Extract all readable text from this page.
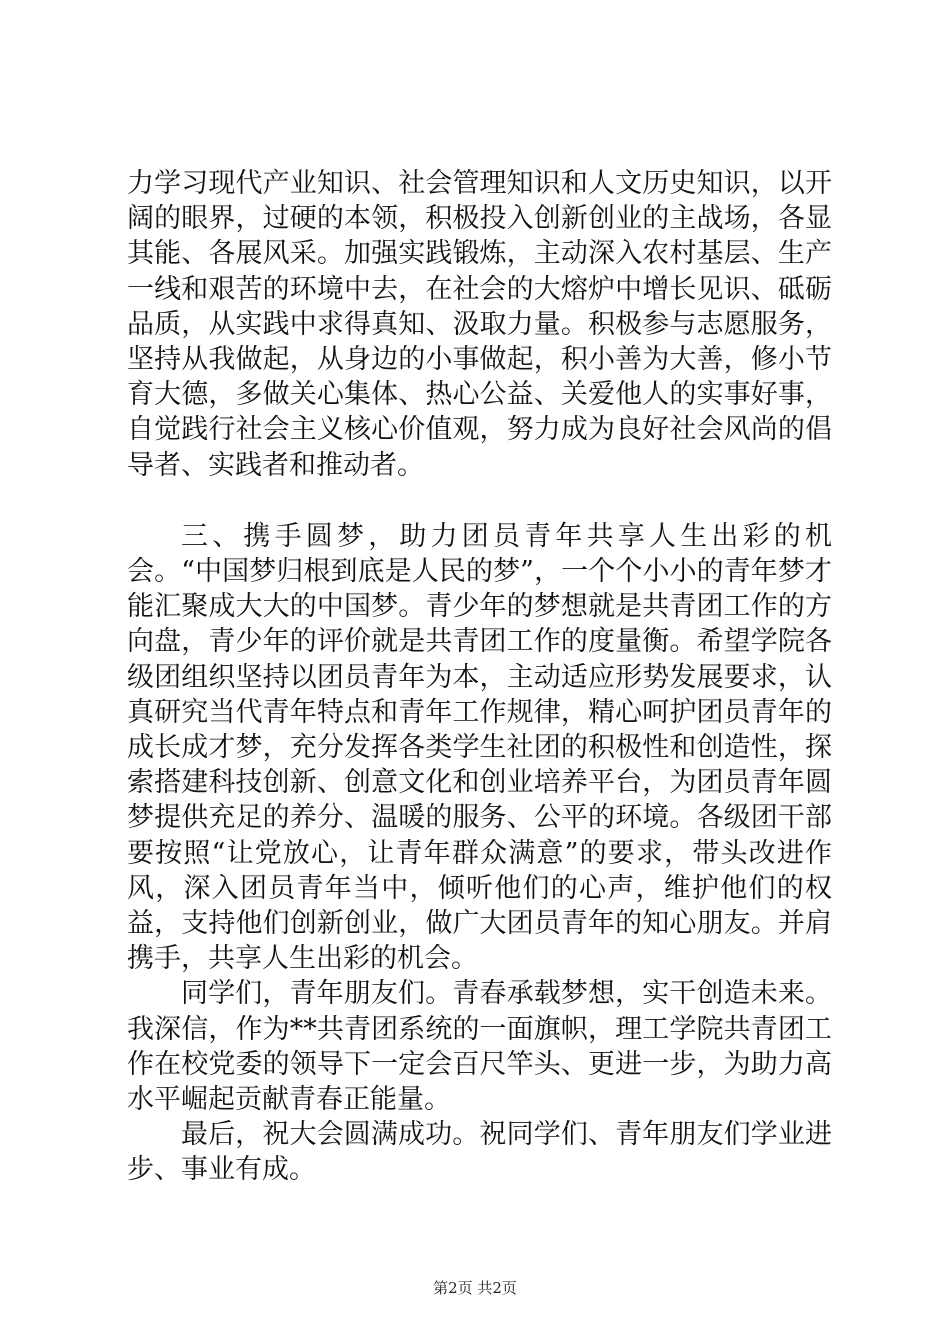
力学习现代产业知识、社会管理知识和人文历史知识，以开阔的眼界，过硬的本领，积极投入创新创业的主战场，各显其能、各展风采。加强实践锻炼，主动深入农村基层、生产一线和艰苦的环境中去，在社会的大熔炉中增长见识、砥砺品质，从实践中求得真知、汲取力量。积极参与志愿服务，坚持从我做起，从身边的小事做起，积小善为大善，修小节育大德，多做关心集体、热心公益、关爱他人的实事好事，自觉践行社会主义核心价值观，努力成为良好社会风尚的倡导者、实践者和推动者。

三、携手圆梦，助力团员青年共享人生出彩的机会。“中国梦归根到底是人民的梦”，一个个小小的青年梦才能汇聚成大大的中国梦。青少年的梦想就是共青团工作的方向盘，青少年的评价就是共青团工作的度量衡。希望学院各级团组织坚持以团员青年为本，主动适应形势发展要求，认真研究当代青年特点和青年工作规律，精心呵护团员青年的成长成才梦，充分发挥各类学生社团的积极性和创造性，探索搭建科技创新、创意文化和创业培养平台，为团员青年圆梦提供充足的养分、温暖的服务、公平的环境。各级团干部要按照“让党放心，让青年群众满意”的要求，带头改进作风，深入团员青年当中，倾听他们的心声，维护他们的权益，支持他们创新创业，做广大团员青年的知心朋友。并肩携手，共享人生出彩的机会。

同学们，青年朋友们。青春承载梦想，实干创造未来。我深信，作为**共青团系统的一面旗帜，理工学院共青团工作在校党委的领导下一定会百尺竿头、更进一步，为助力高水平崛起贡献青春正能量。

最后，祝大会圆满成功。祝同学们、青年朋友们学业进步、事业有成。

第2页 共2页
